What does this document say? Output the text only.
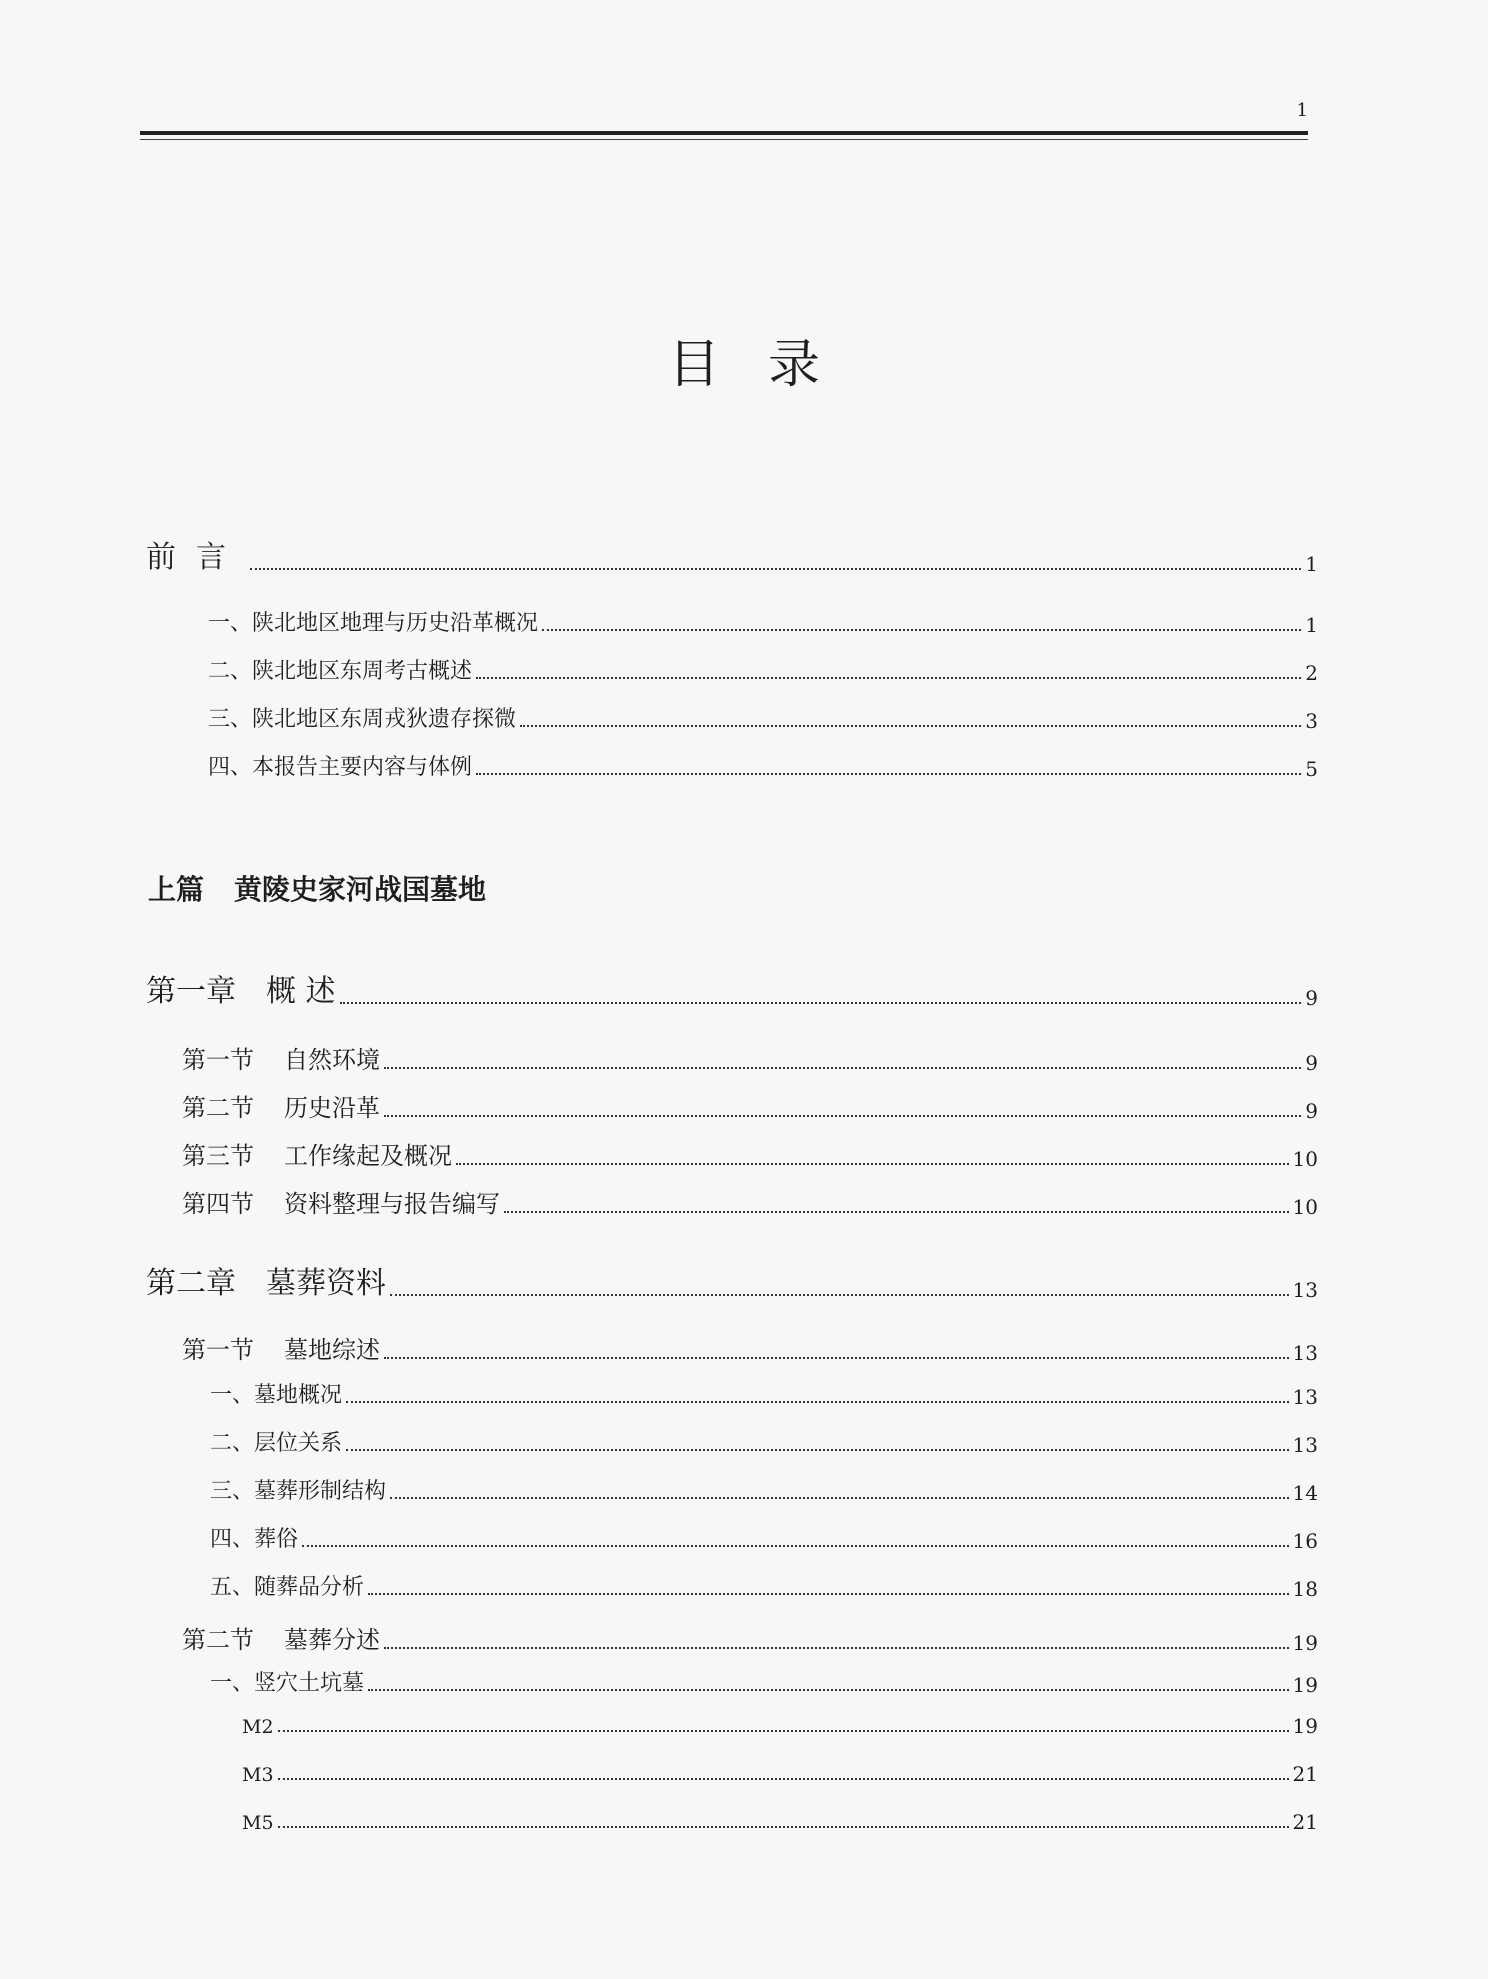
1
目录
前言	1
一、陕北地区地理与历史沿革概况	1
二、陕北地区东周考古概述	2
三、陕北地区东周戎狄遗存探微	3
四、本报告主要内容与体例	5
上篇 黄陵史家河战国墓地
第一章 概 述	9
第一节 自然环境	9
第二节 历史沿革	9
第三节 工作缘起及概况	10
第四节 资料整理与报告编写	10
第二章 墓葬资料	13
第一节 墓地综述	13
一、墓地概况	13
二、层位关系	13
三、墓葬形制结构	14
四、葬俗	16
五、随葬品分析	18
第二节 墓葬分述	19
一、竖穴土坑墓	19
M2	19
M3	21
M5	21
